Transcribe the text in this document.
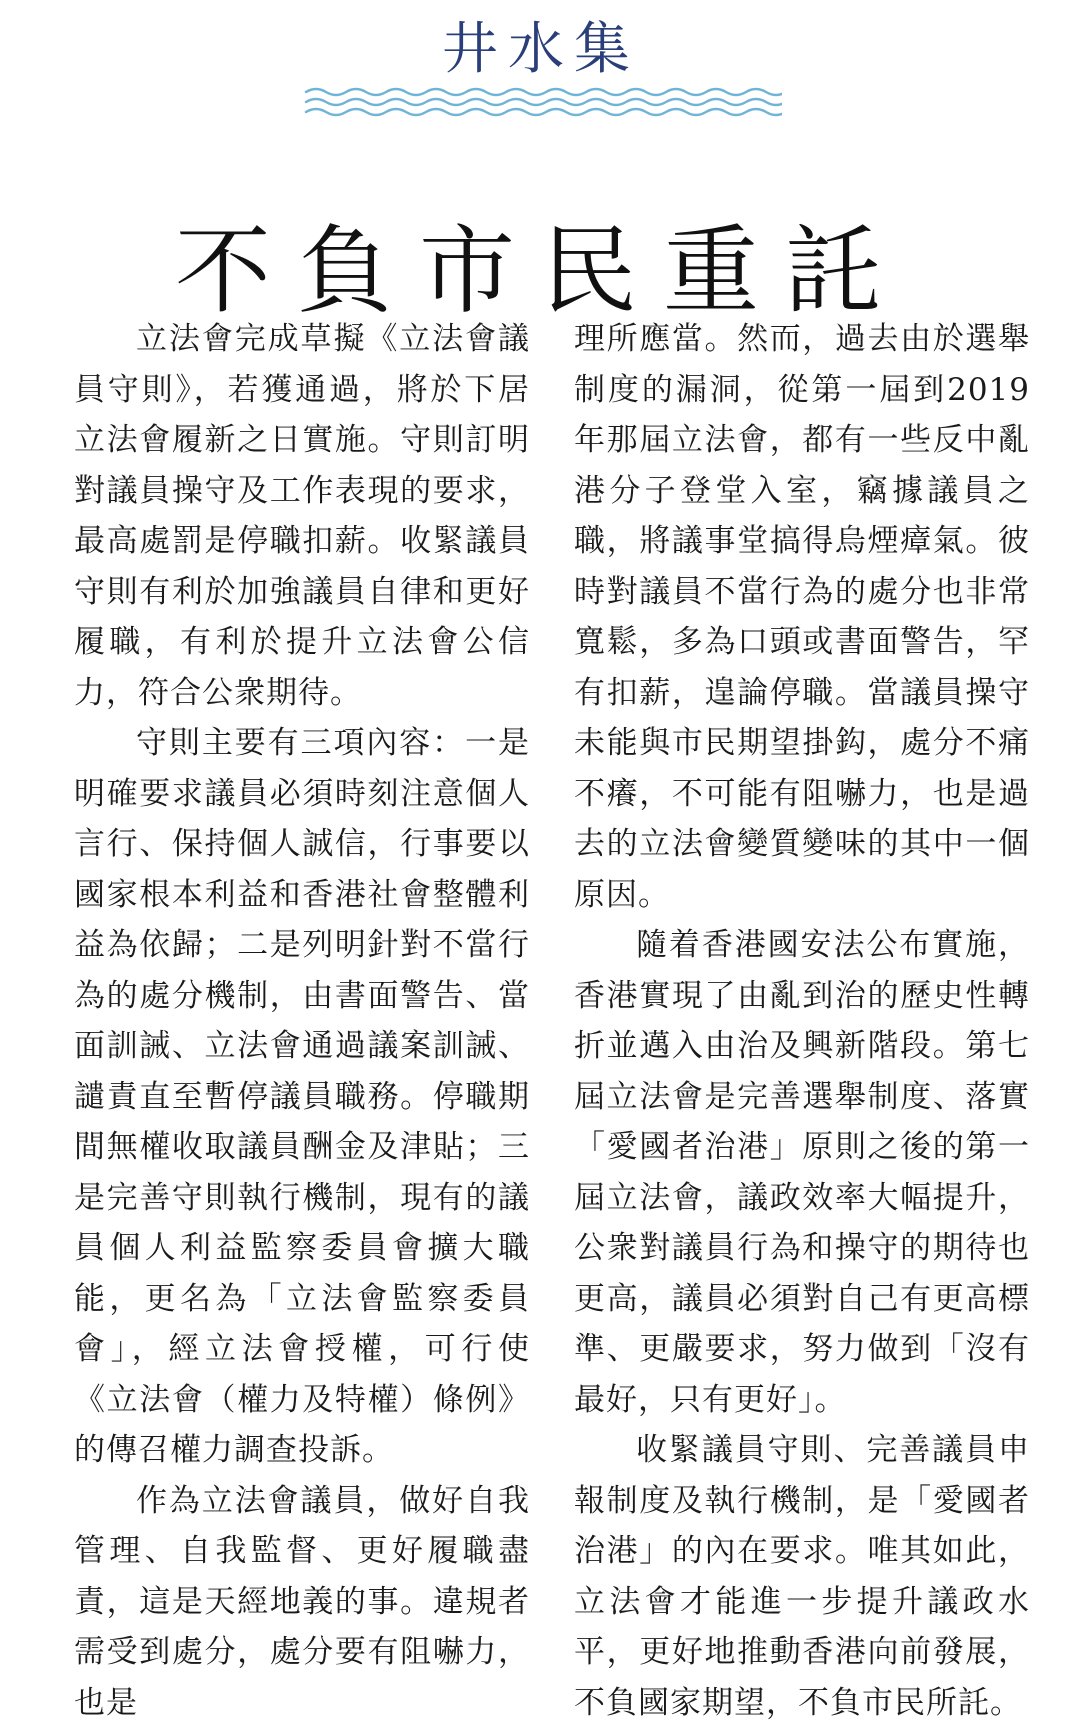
井水集
不負市民重託

立法會完成草擬《立法會議員守則》，若獲通過，將於下居立法會履新之日實施。守則訂明對議員操守及工作表現的要求，最高處罰是停職扣薪。收緊議員守則有利於加強議員自律和更好履職，有利於提升立法會公信力，符合公衆期待。

守則主要有三項內容：一是明確要求議員必須時刻注意個人言行、保持個人誠信，行事要以國家根本利益和香港社會整體利益為依歸；二是列明針對不當行為的處分機制，由書面警告、當面訓誡、立法會通過議案訓誡、譴責直至暫停議員職務。停職期間無權收取議員酬金及津貼；三是完善守則執行機制，現有的議員個人利益監察委員會擴大職能，更名為「立法會監察委員會」，經立法會授權，可行使《立法會（權力及特權）條例》的傳召權力調查投訴。

作為立法會議員，做好自我管理、自我監督、更好履職盡責，這是天經地義的事。違規者需受到處分，處分要有阻嚇力，也是

理所應當。然而，過去由於選舉制度的漏洞，從第一屆到2019年那屆立法會，都有一些反中亂港分子登堂入室，竊據議員之職，將議事堂搞得烏煙瘴氣。彼時對議員不當行為的處分也非常寬鬆，多為口頭或書面警告，罕有扣薪，遑論停職。當議員操守未能與市民期望掛鈎，處分不痛不癢，不可能有阻嚇力，也是過去的立法會變質變味的其中一個原因。

隨着香港國安法公布實施，香港實現了由亂到治的歷史性轉折並邁入由治及興新階段。第七屆立法會是完善選舉制度、落實「愛國者治港」原則之後的第一屆立法會，議政效率大幅提升，公衆對議員行為和操守的期待也更高，議員必須對自己有更高標準、更嚴要求，努力做到「沒有最好，只有更好」。

收緊議員守則、完善議員申報制度及執行機制，是「愛國者治港」的內在要求。唯其如此，立法會才能進一步提升議政水平，更好地推動香港向前發展，不負國家期望，不負市民所託。
